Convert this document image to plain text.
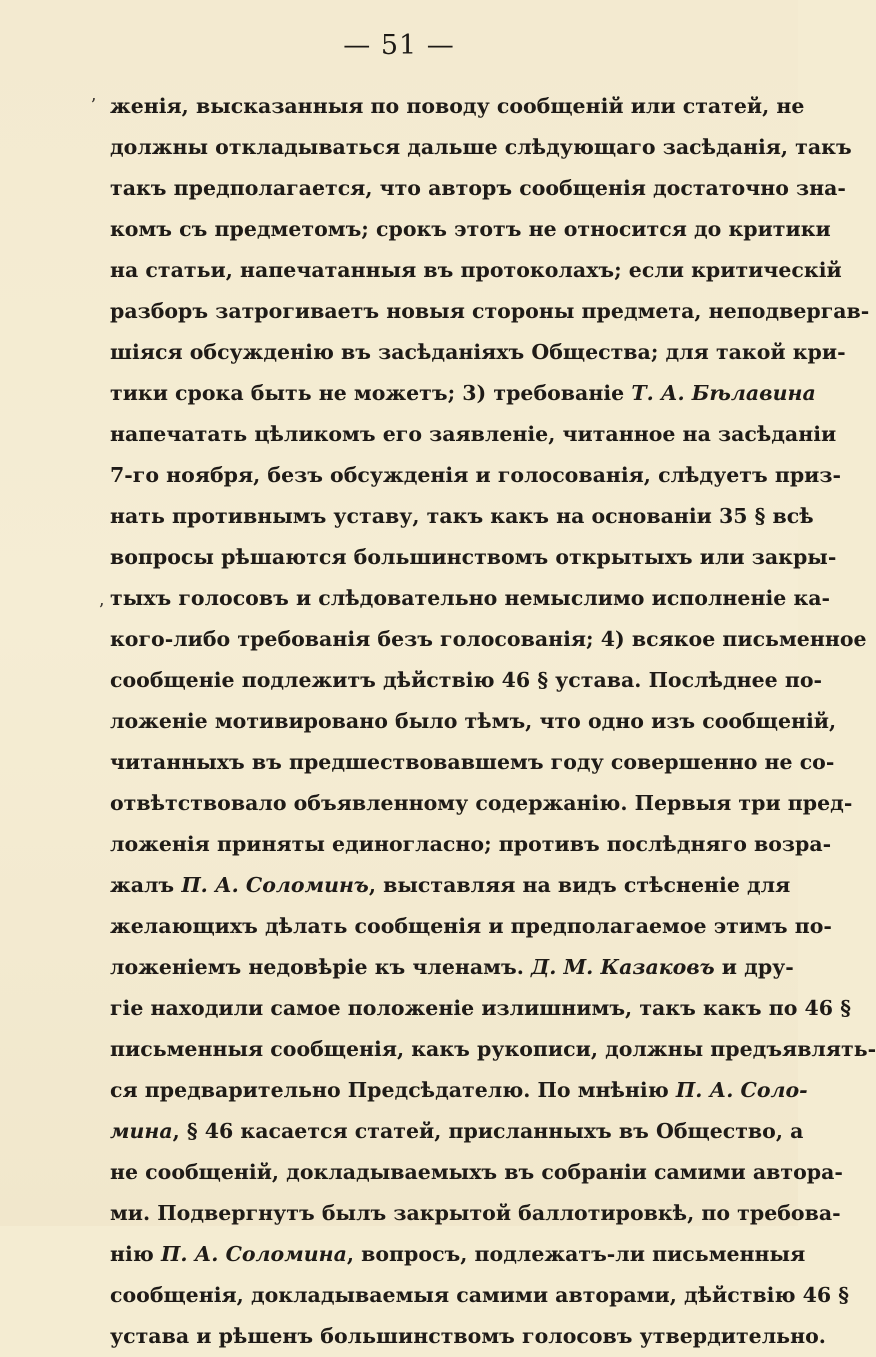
— 51 —
ʼ
ʼ
женія, высказанныя по поводу сообщеній или статей, не
должны откладываться дальше слѣдующаго засѣданія, такъ
такъ предполагается, что авторъ сообщенія достаточно зна-
комъ съ предметомъ; срокъ этотъ не относится до критики
на статьи, напечатанныя въ протоколахъ; если критическій
разборъ затрогиваетъ новыя стороны предмета, неподвергав-
шіяся обсужденію въ засѣданіяхъ Общества; для такой кри-
тики срока быть не можетъ; 3) требованіе Т. А. Бѣлавина
напечатать цѣликомъ его заявленіе, читанное на засѣданіи
7-го ноября, безъ обсужденія и голосованія, слѣдуетъ приз-
нать противнымъ уставу, такъ какъ на основаніи 35 § всѣ
вопросы рѣшаются большинствомъ открытыхъ или закры-
тыхъ голосовъ и слѣдовательно немыслимо исполненіе ка-
кого-либо требованія безъ голосованія; 4) всякое письменное
сообщеніе подлежитъ дѣйствію 46 § устава. Послѣднее по-
ложеніе мотивировано было тѣмъ, что одно изъ сообщеній,
читанныхъ въ предшествовавшемъ году совершенно не со-
отвѣтствовало объявленному содержанію. Первыя три пред-
ложенія приняты единогласно; противъ послѣдняго возра-
жалъ П. А. Соломинъ, выставляя на видъ стѣсненіе для
желающихъ дѣлать сообщенія и предполагаемое этимъ по-
ложеніемъ недовѣріе къ членамъ. Д. М. Казаковъ и дру-
гіе находили самое положеніе излишнимъ, такъ какъ по 46 §
письменныя сообщенія, какъ рукописи, должны предъявлять-
ся предварительно Предсѣдателю. По мнѣнію П. А. Соло-
мина, § 46 касается статей, присланныхъ въ Общество, а
не сообщеній, докладываемыхъ въ собраніи самими автора-
ми. Подвергнутъ былъ закрытой баллотировкѣ, по требова-
нію П. А. Соломина, вопросъ, подлежатъ-ли письменныя
сообщенія, докладываемыя самими авторами, дѣйствію 46 §
устава и рѣшенъ большинствомъ голосовъ утвердительно.
